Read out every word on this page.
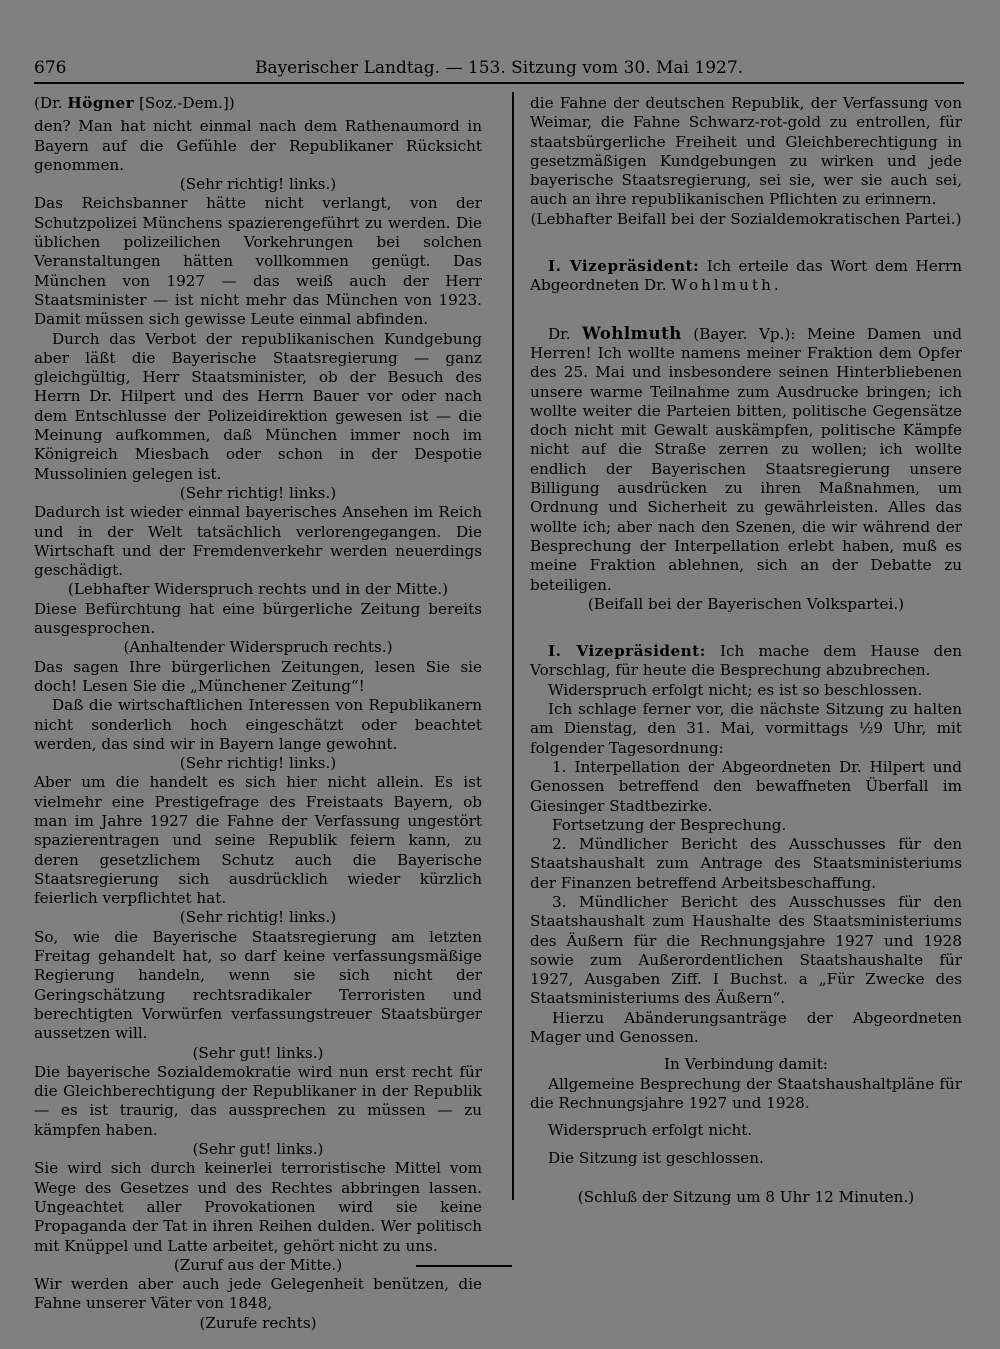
676	Bayerischer Landtag. — 153. Sitzung vom 30. Mai 1927.

(Dr. Högner [Soz.-Dem.])

den? Man hat nicht einmal nach dem Rathenaumord in Bayern auf die Gefühle der Republikaner Rücksicht genommen.

(Sehr richtig! links.)

Das Reichsbanner hätte nicht verlangt, von der Schutzpolizei Münchens spazierengeführt zu werden. Die üblichen polizeilichen Vorkehrungen bei solchen Veranstaltungen hätten vollkommen genügt. Das München von 1927 — das weiß auch der Herr Staatsminister — ist nicht mehr das München von 1923. Damit müssen sich gewisse Leute einmal abfinden.

Durch das Verbot der republikanischen Kundgebung aber läßt die Bayerische Staatsregierung — ganz gleichgültig, Herr Staatsminister, ob der Besuch des Herrn Dr. Hilpert und des Herrn Bauer vor oder nach dem Entschlusse der Polizeidirektion gewesen ist — die Meinung aufkommen, daß München immer noch im Königreich Miesbach oder schon in der Despotie Mussolinien gelegen ist.

(Sehr richtig! links.)

Dadurch ist wieder einmal bayerisches Ansehen im Reich und in der Welt tatsächlich verlorengegangen. Die Wirtschaft und der Fremdenverkehr werden neuerdings geschädigt.

(Lebhafter Widerspruch rechts und in der Mitte.)

Diese Befürchtung hat eine bürgerliche Zeitung bereits ausgesprochen.

(Anhaltender Widerspruch rechts.)

Das sagen Ihre bürgerlichen Zeitungen, lesen Sie sie doch! Lesen Sie die „Münchener Zeitung“!

Daß die wirtschaftlichen Interessen von Republikanern nicht sonderlich hoch eingeschätzt oder beachtet werden, das sind wir in Bayern lange gewohnt.

(Sehr richtig! links.)

Aber um die handelt es sich hier nicht allein. Es ist vielmehr eine Prestigefrage des Freistaats Bayern, ob man im Jahre 1927 die Fahne der Verfassung ungestört spazierentragen und seine Republik feiern kann, zu deren gesetzlichem Schutz auch die Bayerische Staatsregierung sich ausdrücklich wieder kürzlich feierlich verpflichtet hat.

(Sehr richtig! links.)

So, wie die Bayerische Staatsregierung am letzten Freitag gehandelt hat, so darf keine verfassungsmäßige Regierung handeln, wenn sie sich nicht der Geringschätzung rechtsradikaler Terroristen und berechtigten Vorwürfen verfassungstreuer Staatsbürger aussetzen will.

(Sehr gut! links.)

Die bayerische Sozialdemokratie wird nun erst recht für die Gleichberechtigung der Republikaner in der Republik — es ist traurig, das aussprechen zu müssen — zu kämpfen haben.

(Sehr gut! links.)

Sie wird sich durch keinerlei terroristische Mittel vom Wege des Gesetzes und des Rechtes abbringen lassen. Ungeachtet aller Provokationen wird sie keine Propaganda der Tat in ihren Reihen dulden. Wer politisch mit Knüppel und Latte arbeitet, gehört nicht zu uns.

(Zuruf aus der Mitte.)

Wir werden aber auch jede Gelegenheit benützen, die Fahne unserer Väter von 1848,

(Zurufe rechts)

die Fahne der deutschen Republik, der Verfassung von Weimar, die Fahne Schwarz-rot-gold zu entrollen, für staatsbürgerliche Freiheit und Gleichberechtigung in gesetzmäßigen Kundgebungen zu wirken und jede bayerische Staatsregierung, sei sie, wer sie auch sei, auch an ihre republikanischen Pflichten zu erinnern.

(Lebhafter Beifall bei der Sozialdemokratischen Partei.)

I. Vizepräsident: Ich erteile das Wort dem Herrn Abgeordneten Dr. Wohlmuth.

Dr. Wohlmuth (Bayer. Vp.): Meine Damen und Herren! Ich wollte namens meiner Fraktion dem Opfer des 25. Mai und insbesondere seinen Hinterbliebenen unsere warme Teilnahme zum Ausdrucke bringen; ich wollte weiter die Parteien bitten, politische Gegensätze doch nicht mit Gewalt auskämpfen, politische Kämpfe nicht auf die Straße zerren zu wollen; ich wollte endlich der Bayerischen Staatsregierung unsere Billigung ausdrücken zu ihren Maßnahmen, um Ordnung und Sicherheit zu gewährleisten. Alles das wollte ich; aber nach den Szenen, die wir während der Besprechung der Interpellation erlebt haben, muß es meine Fraktion ablehnen, sich an der Debatte zu beteiligen.

(Beifall bei der Bayerischen Volkspartei.)

I. Vizepräsident: Ich mache dem Hause den Vorschlag, für heute die Besprechung abzubrechen.

Widerspruch erfolgt nicht; es ist so beschlossen.

Ich schlage ferner vor, die nächste Sitzung zu halten am Dienstag, den 31. Mai, vormittags ½9 Uhr, mit folgender Tagesordnung:

1. Interpellation der Abgeordneten Dr. Hilpert und Genossen betreffend den bewaffneten Überfall im Giesinger Stadtbezirke.

Fortsetzung der Besprechung.

2. Mündlicher Bericht des Ausschusses für den Staatshaushalt zum Antrage des Staatsministeriums der Finanzen betreffend Arbeitsbeschaffung.

3. Mündlicher Bericht des Ausschusses für den Staatshaushalt zum Haushalte des Staatsministeriums des Äußern für die Rechnungsjahre 1927 und 1928 sowie zum Außerordentlichen Staatshaushalte für 1927, Ausgaben Ziff. I Buchst. a „Für Zwecke des Staatsministeriums des Äußern“.

Hierzu Abänderungsanträge der Abgeordneten Mager und Genossen.

In Verbindung damit:

Allgemeine Besprechung der Staatshaushaltpläne für die Rechnungsjahre 1927 und 1928.

Widerspruch erfolgt nicht.

Die Sitzung ist geschlossen.

(Schluß der Sitzung um 8 Uhr 12 Minuten.)
